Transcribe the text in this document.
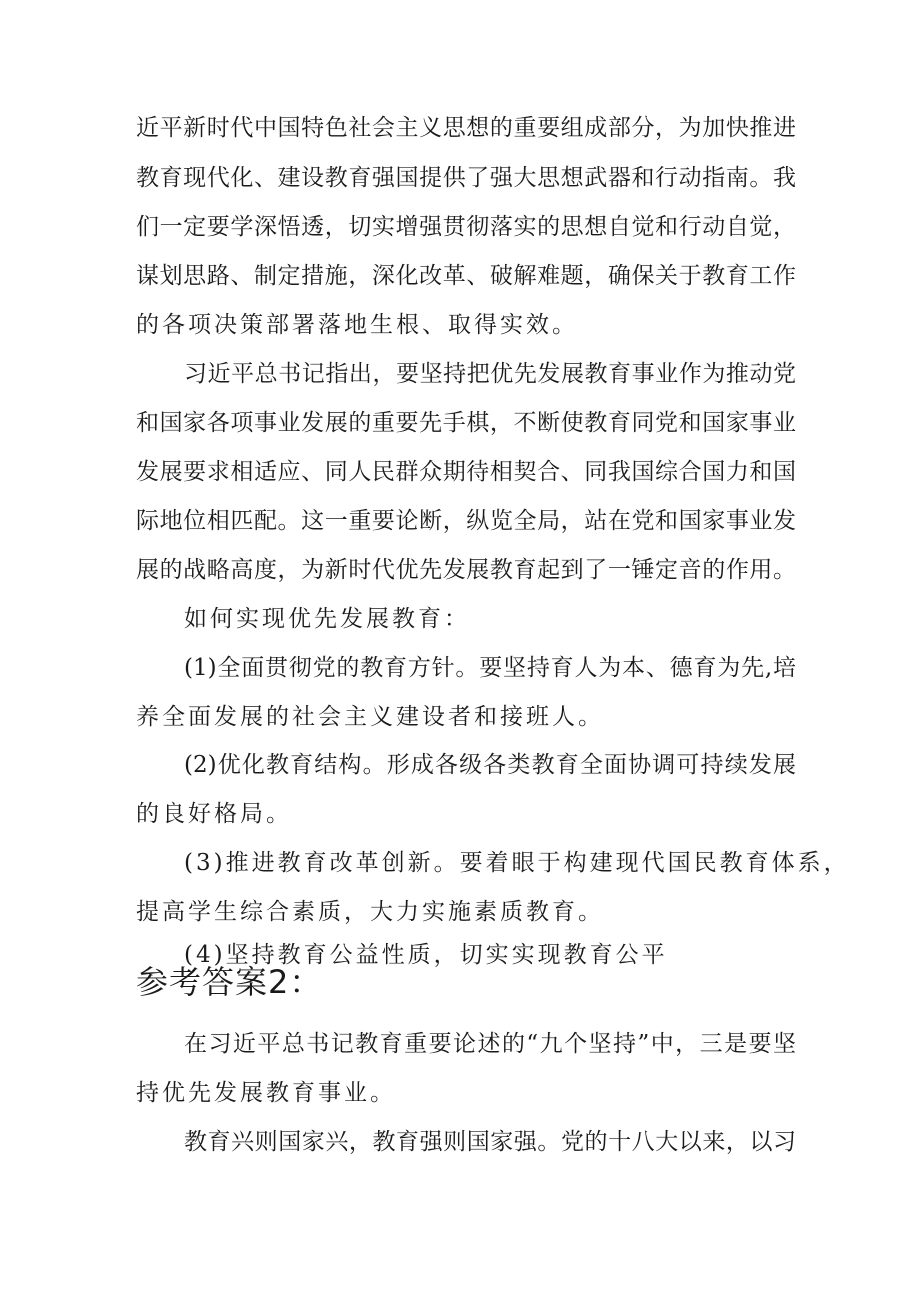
近平新时代中国特色社会主义思想的重要组成部分，为加快推进
教育现代化、建设教育强国提供了强大思想武器和行动指南。我
们一定要学深悟透，切实增强贯彻落实的思想自觉和行动自觉，
谋划思路、制定措施，深化改革、破解难题，确保关于教育工作
的各项决策部署落地生根、取得实效。
习近平总书记指出，要坚持把优先发展教育事业作为推动党
和国家各项事业发展的重要先手棋，不断使教育同党和国家事业
发展要求相适应、同人民群众期待相契合、同我国综合国力和国
际地位相匹配。这一重要论断，纵览全局，站在党和国家事业发
展的战略高度，为新时代优先发展教育起到了一锤定音的作用。
如何实现优先发展教育：
(1)全面贯彻党的教育方针。要坚持育人为本、德育为先,培
养全面发展的社会主义建设者和接班人。
(2)优化教育结构。形成各级各类教育全面协调可持续发展
的良好格局。
(3)推进教育改革创新。要着眼于构建现代国民教育体系，
提高学生综合素质，大力实施素质教育。
(4)坚持教育公益性质，切实实现教育公平
参考答案2：
在习近平总书记教育重要论述的“九个坚持”中，三是要坚
持优先发展教育事业。
教育兴则国家兴，教育强则国家强。党的十八大以来，以习
